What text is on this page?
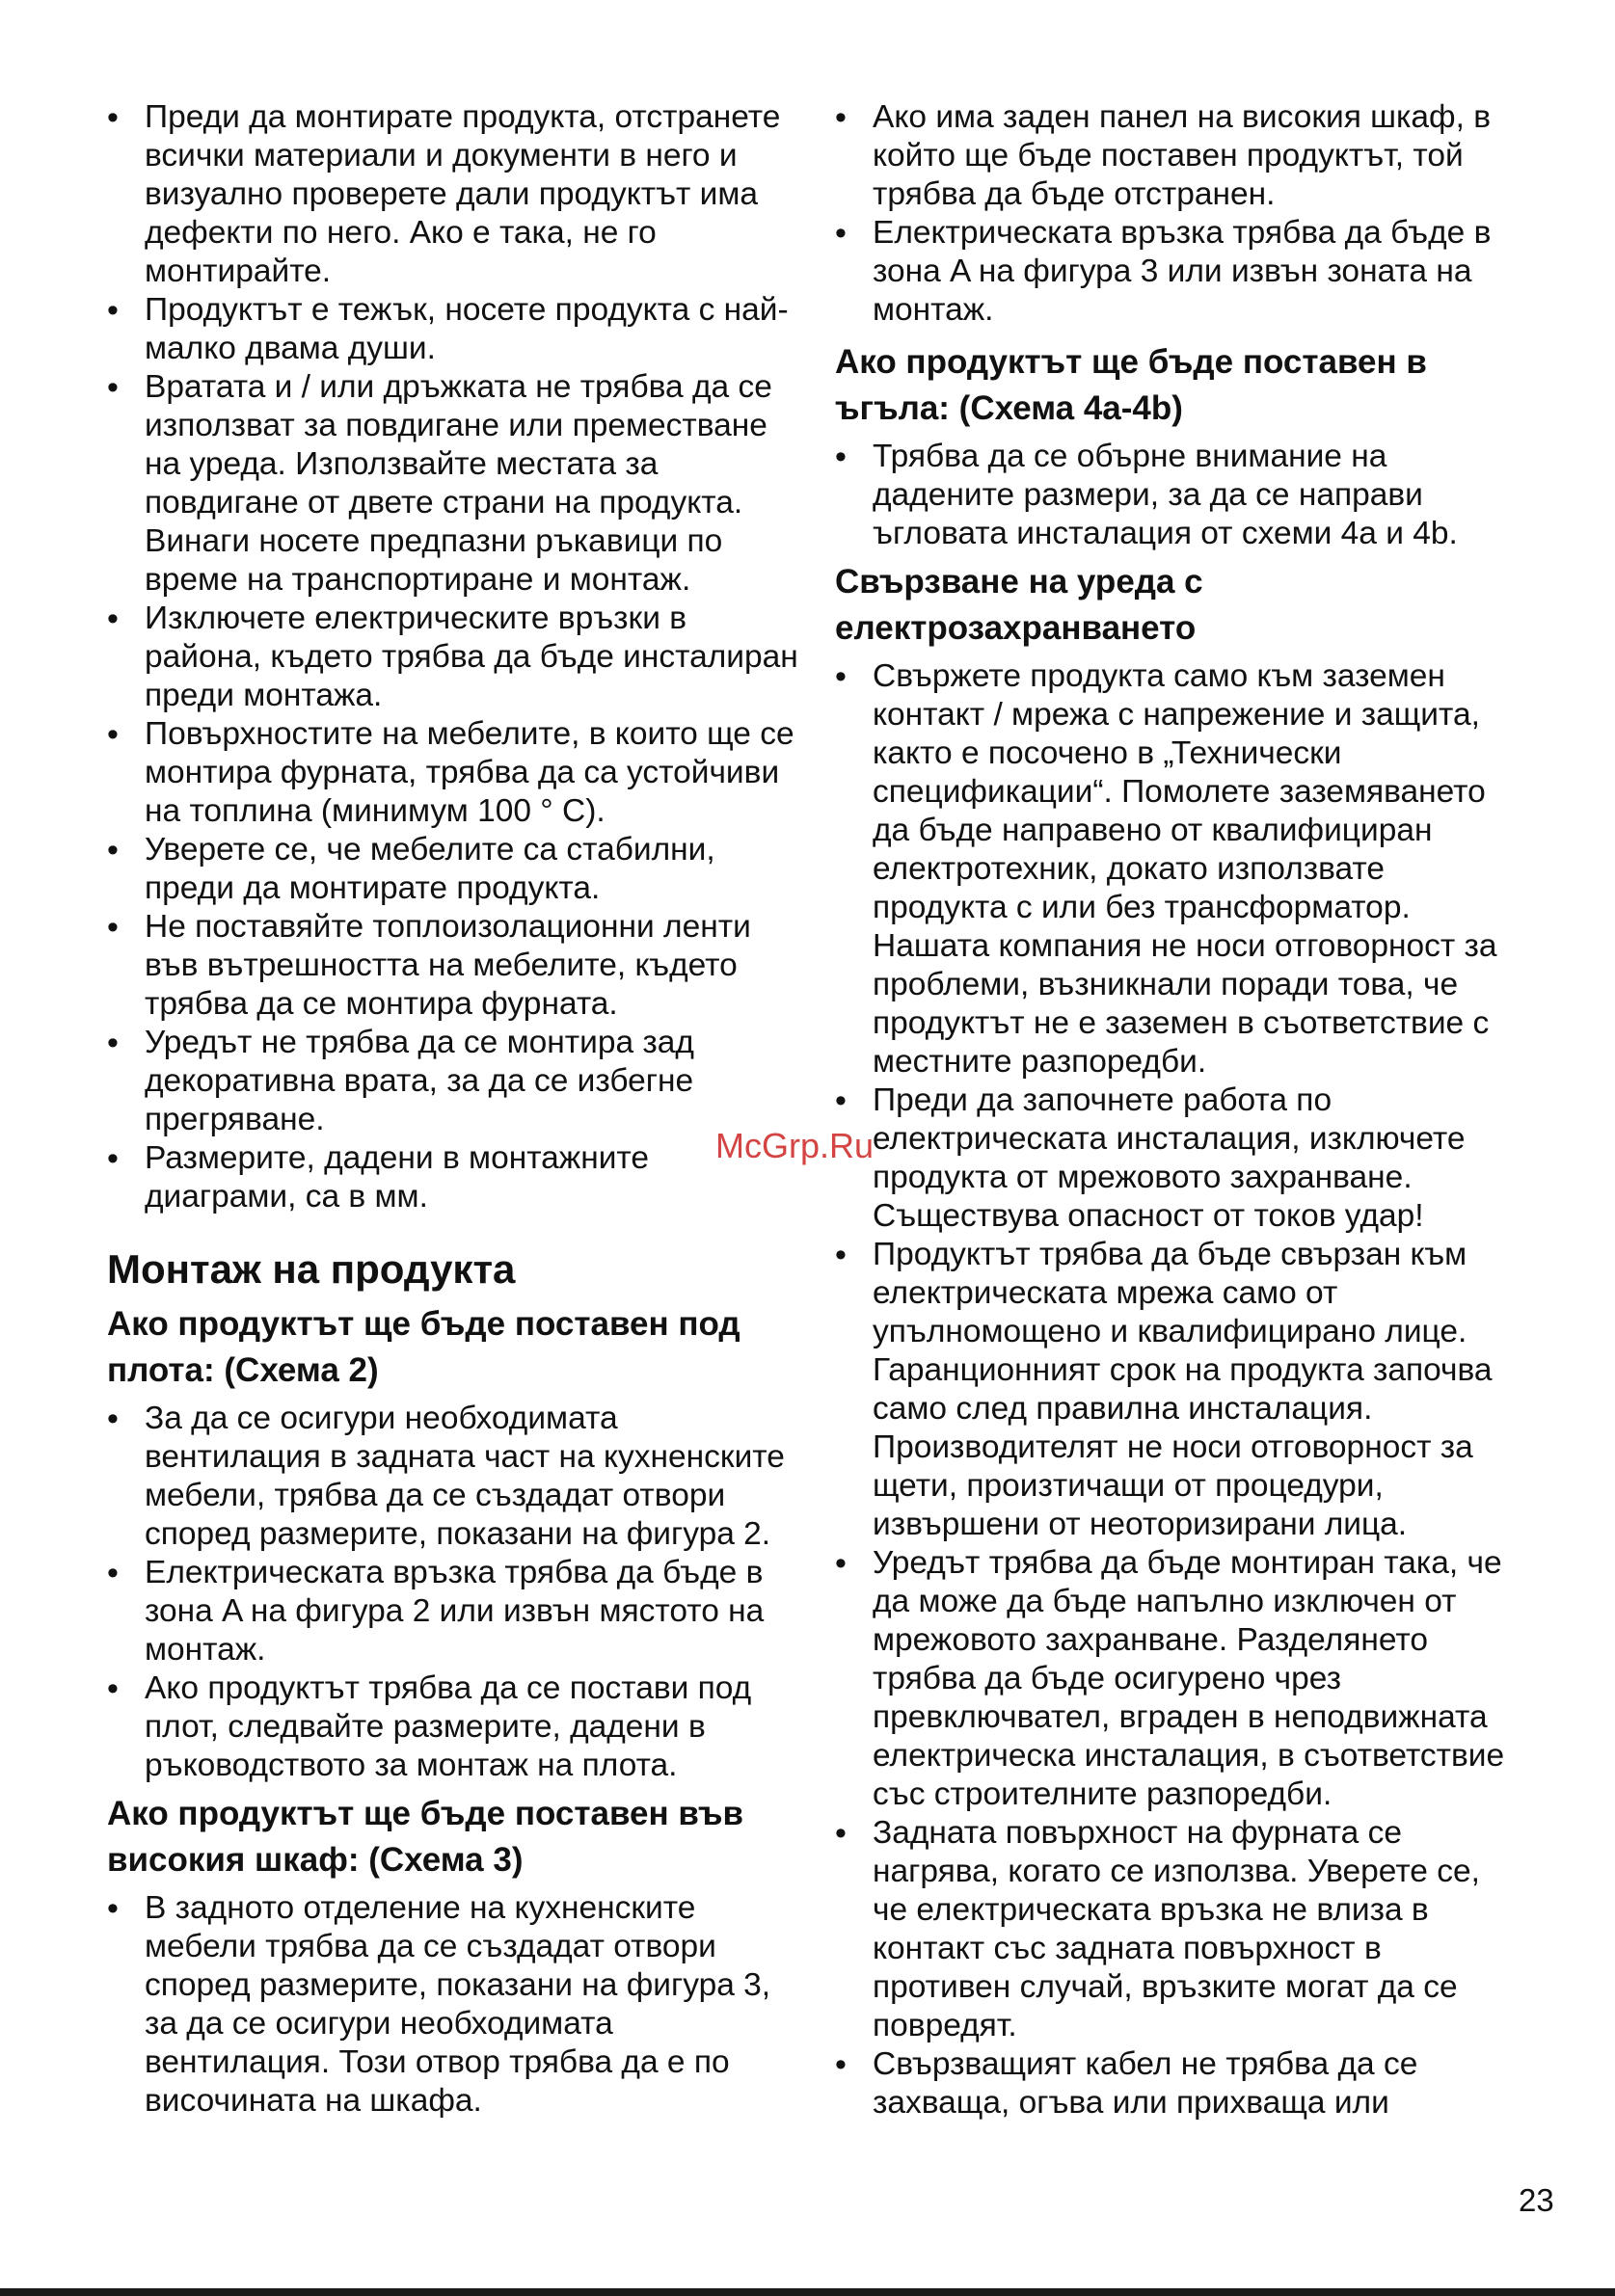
• Преди да монтирате продукта, отстранете всички материали и документи в него и визуално проверете дали продуктът има дефекти по него. Ако е така, не го монтирайте.
• Продуктът е тежък, носете продукта с най-малко двама души.
• Вратата и / или дръжката не трябва да се използват за повдигане или преместване на уреда. Използвайте местата за повдигане от двете страни на продукта. Винаги носете предпазни ръкавици по време на транспортиране и монтаж.
• Изключете електрическите връзки в района, където трябва да бъде инсталиран преди монтажа.
• Повърхностите на мебелите, в които ще се монтира фурната, трябва да са устойчиви на топлина (минимум 100 ° C).
• Уверете се, че мебелите са стабилни, преди да монтирате продукта.
• Не поставяйте топлоизолационни ленти във вътрешността на мебелите, където трябва да се монтира фурната.
• Уредът не трябва да се монтира зад декоративна врата, за да се избегне прегряване.
• Размерите, дадени в монтажните диаграми, са в мм.
Монтаж на продукта
Ако продуктът ще бъде поставен под плота: (Схема 2)
• За да се осигури необходимата вентилация в задната част на кухненските мебели, трябва да се създадат отвори според размерите, показани на фигура 2.
• Електрическата връзка трябва да бъде в зона A на фигура 2 или извън мястото на монтаж.
• Ако продуктът трябва да се постави под плот, следвайте размерите, дадени в ръководството за монтаж на плота.
Ако продуктът ще бъде поставен във високия шкаф: (Схема 3)
• В задното отделение на кухненските мебели трябва да се създадат отвори според размерите, показани на фигура 3, за да се осигури необходимата вентилация. Този отвор трябва да е по височината на шкафа.
• Ако има заден панел на високия шкаф, в който ще бъде поставен продуктът, той трябва да бъде отстранен.
• Електрическата връзка трябва да бъде в зона A на фигура 3 или извън зоната на монтаж.
Ако продуктът ще бъде поставен в ъгъла: (Схема 4a-4b)
• Трябва да се обърне внимание на дадените размери, за да се направи ъгловата инсталация от схеми 4a и 4b.
Свързване на уреда с електрозахранването
• Свържете продукта само към заземен контакт / мрежа с напрежение и защита, както е посочено в „Технически спецификации“. Помолете заземяването да бъде направено от квалифициран електротехник, докато използвате продукта с или без трансформатор. Нашата компания не носи отговорност за проблеми, възникнали поради това, че продуктът не е заземен в съответствие с местните разпоредби.
• Преди да започнете работа по електрическата инсталация, изключете продукта от мрежовото захранване. Съществува опасност от токов удар!
• Продуктът трябва да бъде свързан към електрическата мрежа само от упълномощено и квалифицирано лице. Гаранционният срок на продукта започва само след правилна инсталация. Производителят не носи отговорност за щети, произтичащи от процедури, извършени от неоторизирани лица.
• Уредът трябва да бъде монтиран така, че да може да бъде напълно изключен от мрежовото захранване. Разделянето трябва да бъде осигурено чрез превключвател, вграден в неподвижната електрическа инсталация, в съответствие със строителните разпоредби.
• Задната повърхност на фурната се нагрява, когато се използва. Уверете се, че електрическата връзка не влиза в контакт със задната повърхност в противен случай, връзките могат да се повредят.
• Свързващият кабел не трябва да се захваща, огъва или прихваща или
McGrp.Ru
23
